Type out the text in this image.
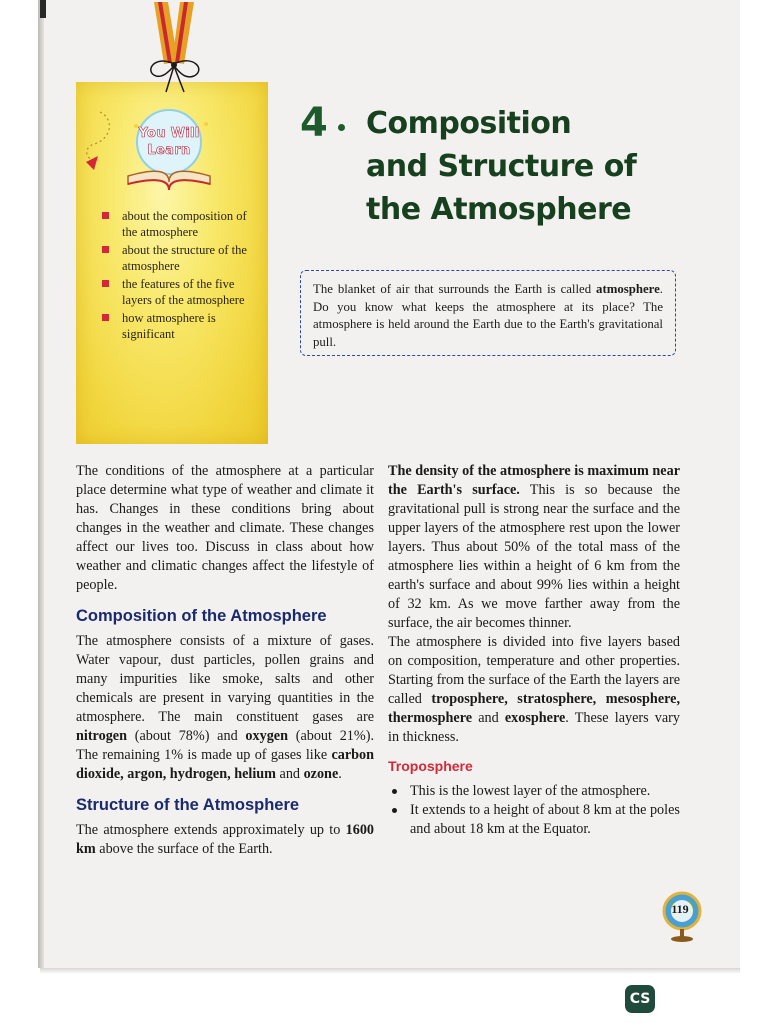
You Will
Learn
about the composition of the atmosphere
about the structure of the atmosphere
the features of the five layers of the atmosphere
how atmosphere is significant
4 Composition
and Structure of
the Atmosphere
The blanket of air that surrounds the Earth is called atmosphere. Do you know what keeps the atmosphere at its place? The atmosphere is held around the Earth due to the Earth's gravitational pull.

The conditions of the atmosphere at a particular place determine what type of weather and climate it has. Changes in these conditions bring about changes in the weather and climate. These changes affect our lives too. Discuss in class about how weather and climatic changes affect the lifestyle of people.

Composition of the Atmosphere

The atmosphere consists of a mixture of gases. Water vapour, dust particles, pollen grains and many impurities like smoke, salts and other chemicals are present in varying quantities in the atmosphere. The main constituent gases are nitrogen (about 78%) and oxygen (about 21%). The remaining 1% is made up of gases like carbon dioxide, argon, hydrogen, helium and ozone.

Structure of the Atmosphere

The atmosphere extends approximately up to 1600 km above the surface of the Earth.

The density of the atmosphere is maximum near the Earth's surface. This is so because the gravitational pull is strong near the surface and the upper layers of the atmosphere rest upon the lower layers. Thus about 50% of the total mass of the atmosphere lies within a height of 6 km from the earth's surface and about 99% lies within a height of 32 km. As we move farther away from the surface, the air becomes thinner.

The atmosphere is divided into five layers based on composition, temperature and other properties. Starting from the surface of the Earth the layers are called troposphere, stratosphere, mesosphere, thermosphere and exosphere. These layers vary in thickness.

Troposphere
This is the lowest layer of the atmosphere.
It extends to a height of about 8 km at the poles and about 18 km at the Equator.
119
CS
